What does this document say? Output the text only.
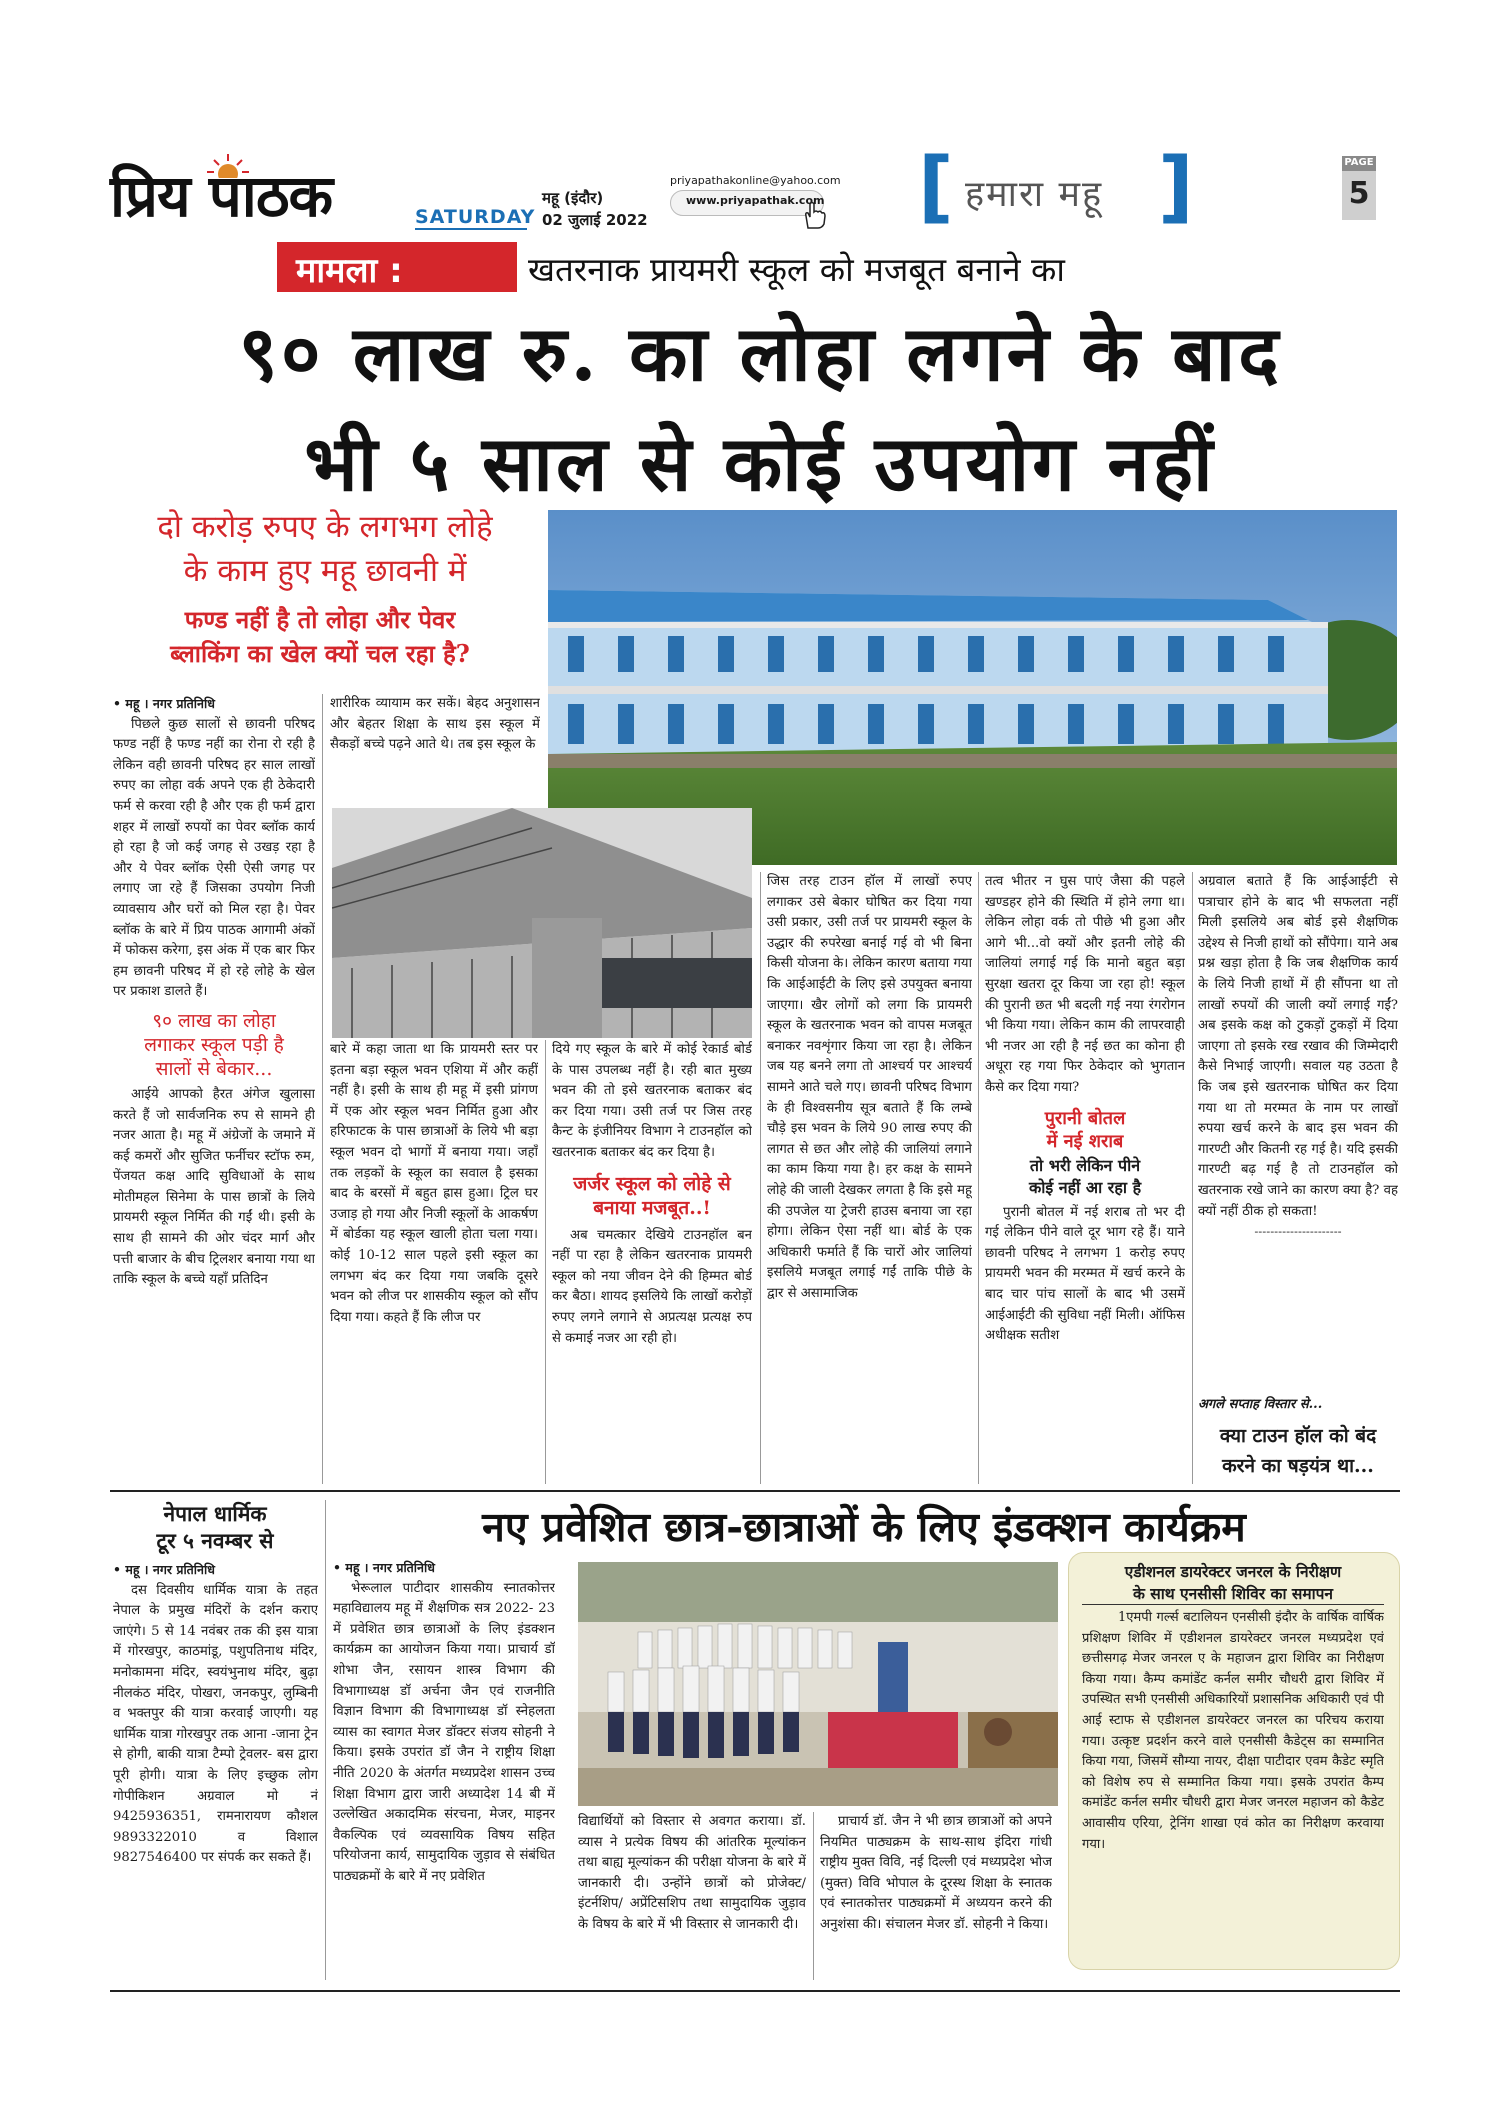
प्रिय पाठक	SATURDAY
महू (इंदौर)
02 जुलाई 2022
priyapathakonline@yahoo.com
www.priyapathak.com [ हमारा महू ]	PAGE
5
मामला :	खतरनाक प्रायमरी स्कूल को मजबूत बनाने का
९० लाख रु. का लोहा लगने के बाद
भी ५ साल से कोई उपयोग नहीं
दो करोड़ रुपए के लगभग लोहे
के काम हुए महू छावनी में
फण्ड नहीं है तो लोहा और पेवर
ब्लाकिंग का खेल क्यों चल रहा है?

• महू । नगर प्रतिनिधि

पिछले कुछ सालों से छावनी परिषद फण्ड नहीं है फण्ड नहीं का रोना रो रही है लेकिन वही छावनी परिषद हर साल लाखों रुपए का लोहा वर्क अपने एक ही ठेकेदारी फर्म से करवा रही है और एक ही फर्म द्वारा शहर में लाखों रुपयों का पेवर ब्लॉक कार्य हो रहा है जो कई जगह से उखड़ रहा है और ये पेवर ब्लॉक ऐसी ऐसी जगह पर लगाए जा रहे हैं जिसका उपयोग निजी व्यावसाय और घरों को मिल रहा है। पेवर ब्लॉक के बारे में प्रिय पाठक आगामी अंकों में फोकस करेगा, इस अंक में एक बार फिर हम छावनी परिषद में हो रहे लोहे के खेल पर प्रकाश डालते हैं।

९० लाख का लोहा
लगाकर स्कूल पड़ी है
सालों से बेकार...

आईये आपको हैरत अंगेज खुलासा करते हैं जो सार्वजनिक रुप से सामने ही नजर आता है। महू में अंग्रेजों के जमाने में कई कमरों और सुजित फर्नीचर स्टॉफ रुम, पेंजयत कक्ष आदि सुविधाओं के साथ मोतीमहल सिनेमा के पास छात्रों के लिये प्रायमरी स्कूल निर्मित की गईं थी। इसी के साथ ही सामने की ओर चंदर मार्ग और पत्ती बाजार के बीच ट्रिलशर बनाया गया था ताकि स्कूल के बच्चे यहाँ प्रतिदिन

शारीरिक व्यायाम कर सकें। बेहद अनुशासन और बेहतर शिक्षा के साथ इस स्कूल में सैकड़ों बच्चे पढ़ने आते थे। तब इस स्कूल के

बारे में कहा जाता था कि प्रायमरी स्तर पर इतना बड़ा स्कूल भवन एशिया में और कहीं नहीं है। इसी के साथ ही महू में इसी प्रांगण में एक ओर स्कूल भवन निर्मित हुआ और हरिफाटक के पास छात्राओं के लिये भी बड़ा स्कूल भवन दो भागों में बनाया गया। जहाँ तक लड़कों के स्कूल का सवाल है इसका बाद के बरसों में बहुत ह्रास हुआ। ट्रिल घर उजाड़ हो गया और निजी स्कूलों के आकर्षण में बोर्डका यह स्कूल खाली होता चला गया। कोई 10-12 साल पहले इसी स्कूल का लगभग बंद कर दिया गया जबकि दूसरे भवन को लीज पर शासकीय स्कूल को सौंप दिया गया। कहते हैं कि लीज पर

दिये गए स्कूल के बारे में कोई रेकार्ड बोर्ड के पास उपलब्ध नहीं है। रही बात मुख्य भवन की तो इसे खतरनाक बताकर बंद कर दिया गया। उसी तर्ज पर जिस तरह कैन्ट के इंजीनियर विभाग ने टाउनहॉल को खतरनाक बताकर बंद कर दिया है।

जर्जर स्कूल को लोहे से
बनाया मजबूत..!

अब चमत्कार देखिये टाउनहॉल बन नहीं पा रहा है लेकिन खतरनाक प्रायमरी स्कूल को नया जीवन देने की हिम्मत बोर्ड कर बैठा। शायद इसलिये कि लाखों करोड़ों रुपए लगने लगाने से अप्रत्यक्ष प्रत्यक्ष रुप से कमाई नजर आ रही हो।

जिस तरह टाउन हॉल में लाखों रुपए लगाकर उसे बेकार घोषित कर दिया गया उसी प्रकार, उसी तर्ज पर प्रायमरी स्कूल के उद्धार की रुपरेखा बनाई गई वो भी बिना किसी योजना के। लेकिन कारण बताया गया कि आईआईटी के लिए इसे उपयुक्त बनाया जाएगा। खैर लोगों को लगा कि प्रायमरी स्कूल के खतरनाक भवन को वापस मजबूत बनाकर नवशृंगार किया जा रहा है। लेकिन जब यह बनने लगा तो आश्चर्य पर आश्चर्य सामने आते चले गए। छावनी परिषद विभाग के ही विश्वसनीय सूत्र बताते हैं कि लम्बे चौड़े इस भवन के लिये 90 लाख रुपए की लागत से छत और लोहे की जालियां लगाने का काम किया गया है। हर कक्ष के सामने लोहे की जाली देखकर लगता है कि इसे महू की उपजेल या ट्रेजरी हाउस बनाया जा रहा होगा। लेकिन ऐसा नहीं था। बोर्ड के एक अधिकारी फर्माते हैं कि चारों ओर जालियां इसलिये मजबूत लगाई गईं ताकि पीछे के द्वार से असामाजिक

तत्व भीतर न घुस पाएं जैसा की पहले खण्डहर होने की स्थिति में होने लगा था। लेकिन लोहा वर्क तो पीछे भी हुआ और आगे भी...वो क्यों और इतनी लोहे की जालियां लगाई गई कि मानो बहुत बड़ा सुरक्षा खतरा दूर किया जा रहा हो! स्कूल की पुरानी छत भी बदली गई नया रंगरोगन भी किया गया। लेकिन काम की लापरवाही भी नजर आ रही है नई छत का कोना ही अधूरा रह गया फिर ठेकेदार को भुगतान कैसे कर दिया गया?

पुरानी बोतल
में नई शराब
तो भरी लेकिन पीने
कोई नहीं आ रहा है

पुरानी बोतल में नई शराब तो भर दी गई लेकिन पीने वाले दूर भाग रहे हैं। याने छावनी परिषद ने लगभग 1 करोड़ रुपए प्रायमरी भवन की मरम्मत में खर्च करने के बाद चार पांच सालों के बाद भी उसमें आईआईटी की सुविधा नहीं मिली। ऑफिस अधीक्षक सतीश

अग्रवाल बताते हैं कि आईआईटी से पत्राचार होने के बाद भी सफलता नहीं मिली इसलिये अब बोर्ड इसे शैक्षणिक उद्देश्य से निजी हाथों को सौंपेगा। याने अब प्रश्न खड़ा होता है कि जब शैक्षणिक कार्य के लिये निजी हाथों में ही सौंपना था तो लाखों रुपयों की जाली क्यों लगाई गईं? अब इसके कक्ष को टुकड़ों टुकड़ों में दिया जाएगा तो इसके रख रखाव की जिम्मेदारी कैसे निभाई जाएगी। सवाल यह उठता है कि जब इसे खतरनाक घोषित कर दिया गया था तो मरम्मत के नाम पर लाखों रुपया खर्च करने के बाद इस भवन की गारण्टी और कितनी रह गई है। यदि इसकी गारण्टी बढ़ गई है तो टाउनहॉल को खतरनाक रखे जाने का कारण क्या है? वह क्यों नहीं ठीक हो सकता!

----------------------

अगले सप्ताह विस्तार से...
क्या टाउन हॉल को बंद
करने का षड़यंत्र था...
नेपाल धार्मिक
टूर ५ नवम्बर से

• महू । नगर प्रतिनिधि

दस दिवसीय धार्मिक यात्रा के तहत नेपाल के प्रमुख मंदिरों के दर्शन कराए जाएंगे। 5 से 14 नवंबर तक की इस यात्रा में गोरखपुर, काठमांडू, पशुपतिनाथ मंदिर, मनोकामना मंदिर, स्वयंभुनाथ मंदिर, बुढ़ा नीलकंठ मंदिर, पोखरा, जनकपुर, लुम्बिनी व भक्तपुर की यात्रा करवाई जाएगी। यह धार्मिक यात्रा गोरखपुर तक आना -जाना ट्रेन से होगी, बाकी यात्रा टैम्पो ट्रेवलर- बस द्वारा पूरी होगी। यात्रा के लिए इच्छुक लोग गोपीकिशन अग्रवाल मो नं 9425936351, रामनारायण कौशल 9893322010 व विशाल 9827546400 पर संपर्क कर सकते हैं।

नए प्रवेशित छात्र-छात्राओं के लिए इंडक्शन कार्यक्रम

• महू । नगर प्रतिनिधि

भेरूलाल पाटीदार शासकीय स्नातकोत्तर महाविद्यालय महू में शैक्षणिक सत्र 2022- 23 में प्रवेशित छात्र छात्राओं के लिए इंडक्शन कार्यक्रम का आयोजन किया गया। प्राचार्य डॉ शोभा जैन, रसायन शास्त्र विभाग की विभागाध्यक्ष डॉ अर्चना जैन एवं राजनीति विज्ञान विभाग की विभागाध्यक्ष डॉ स्नेहलता व्यास का स्वागत मेजर डॉक्टर संजय सोहनी ने किया। इसके उपरांत डॉ जैन ने राष्ट्रीय शिक्षा नीति 2020 के अंतर्गत मध्यप्रदेश शासन उच्च शिक्षा विभाग द्वारा जारी अध्यादेश 14 बी में उल्लेखित अकादमिक संरचना, मेजर, माइनर वैकल्पिक एवं व्यवसायिक विषय सहित परियोजना कार्य, सामुदायिक जुड़ाव से संबंधित पाठ्यक्रमों के बारे में नए प्रवेशित

विद्यार्थियों को विस्तार से अवगत कराया। डॉ. व्यास ने प्रत्येक विषय की आंतरिक मूल्यांकन तथा बाह्य मूल्यांकन की परीक्षा योजना के बारे में जानकारी दी। उन्होंने छात्रों को प्रोजेक्ट/ इंटर्नशिप/ अप्रेंटिसशिप तथा सामुदायिक जुड़ाव के विषय के बारे में भी विस्तार से जानकारी दी।

प्राचार्य डॉ. जैन ने भी छात्र छात्राओं को अपने नियमित पाठ्यक्रम के साथ-साथ इंदिरा गांधी राष्ट्रीय मुक्त विवि, नई दिल्ली एवं मध्यप्रदेश भोज (मुक्त) विवि भोपाल के दूरस्थ शिक्षा के स्नातक एवं स्नातकोत्तर पाठ्यक्रमों में अध्ययन करने की अनुशंसा की। संचालन मेजर डॉ. सोहनी ने किया।

एडीशनल डायरेक्टर जनरल के निरीक्षण
के साथ एनसीसी शिविर का समापन

1एमपी गर्ल्स बटालियन एनसीसी इंदौर के वार्षिक वार्षिक प्रशिक्षण शिविर में एडीशनल डायरेक्टर जनरल मध्यप्रदेश एवं छत्तीसगढ़ मेजर जनरल ए के महाजन द्वारा शिविर का निरीक्षण किया गया। कैम्प कमांडेंट कर्नल समीर चौधरी द्वारा शिविर में उपस्थित सभी एनसीसी अधिकारियों प्रशासनिक अधिकारी एवं पी आई स्टाफ से एडीशनल डायरेक्टर जनरल का परिचय कराया गया। उत्कृष्ट प्रदर्शन करने वाले एनसीसी कैडेट्स का सम्मानित किया गया, जिसमें सौम्या नायर, दीक्षा पाटीदार एवम कैडेट स्मृति को विशेष रुप से सम्मानित किया गया। इसके उपरांत कैम्प कमांडेंट कर्नल समीर चौधरी द्वारा मेजर जनरल महाजन को कैडेट आवासीय एरिया, ट्रेनिंग शाखा एवं कोत का निरीक्षण करवाया गया।
